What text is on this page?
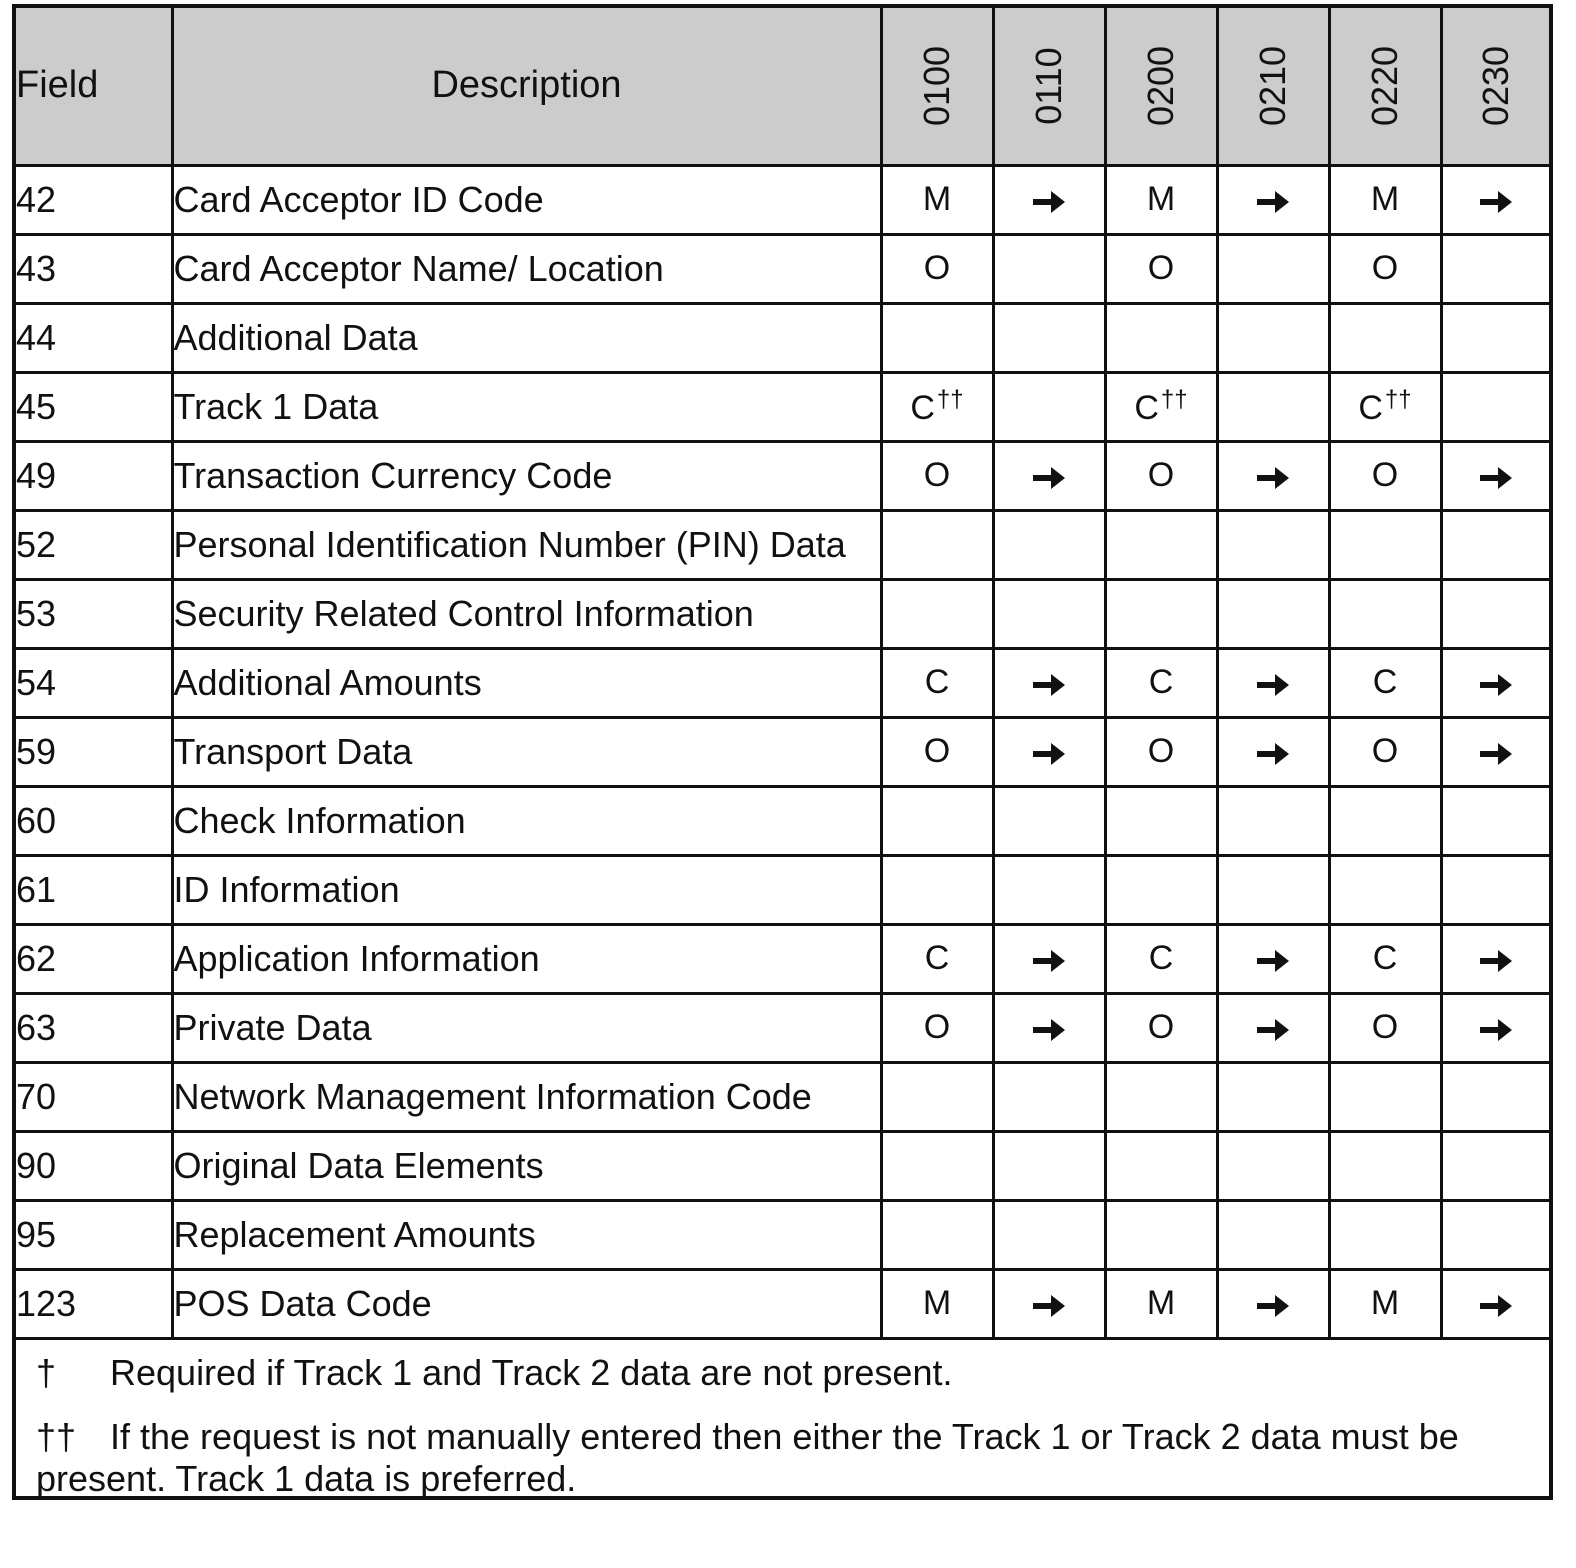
Field	Description	0100	0110	0200	0210	0220	0230

42	Card Acceptor ID Code	M		M		M	
43	Card Acceptor Name/ Location	O		O		O	
44	Additional Data						
45	Track 1 Data	C††		C††		C††	
49	Transaction Currency Code	O		O		O	
52	Personal Identification Number (PIN) Data						
53	Security Related Control Information						
54	Additional Amounts	C		C		C	
59	Transport Data	O		O		O	
60	Check Information						
61	ID Information						
62	Application Information	C		C		C	
63	Private Data	O		O		O	
70	Network Management Information Code						
90	Original Data Elements						
95	Replacement Amounts						
123	POS Data Code	M		M		M	

† Required if Track 1 and Track 2 data are not present.

†† If the request is not manually entered then either the Track 1 or Track 2 data must be present. Track 1 data is preferred.
